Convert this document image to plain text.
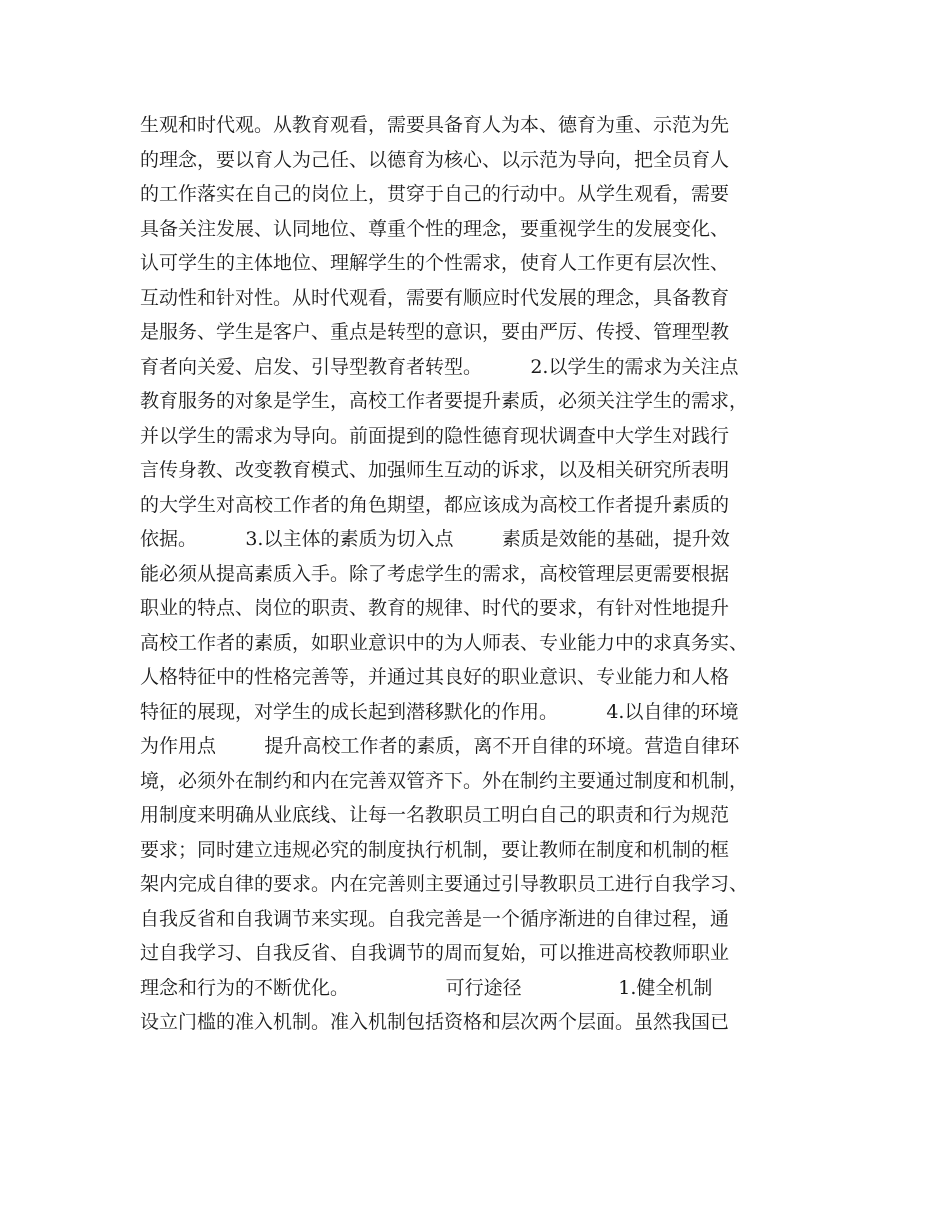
生观和时代观。从教育观看，需要具备育人为本、德育为重、示范为先
的理念，要以育人为己任、以德育为核心、以示范为导向，把全员育人
的工作落实在自己的岗位上，贯穿于自己的行动中。从学生观看，需要
具备关注发展、认同地位、尊重个性的理念，要重视学生的发展变化、
认可学生的主体地位、理解学生的个性需求，使育人工作更有层次性、
互动性和针对性。从时代观看，需要有顺应时代发展的理念，具备教育
是服务、学生是客户、重点是转型的意识，要由严厉、传授、管理型教
育者向关爱、启发、引导型教育者转型。        2.以学生的需求为关注点
教育服务的对象是学生，高校工作者要提升素质，必须关注学生的需求，
并以学生的需求为导向。前面提到的隐性德育现状调查中大学生对践行
言传身教、改变教育模式、加强师生互动的诉求，以及相关研究所表明
的大学生对高校工作者的角色期望，都应该成为高校工作者提升素质的
依据。        3.以主体的素质为切入点        素质是效能的基础，提升效
能必须从提高素质入手。除了考虑学生的需求，高校管理层更需要根据
职业的特点、岗位的职责、教育的规律、时代的要求，有针对性地提升
高校工作者的素质，如职业意识中的为人师表、专业能力中的求真务实、
人格特征中的性格完善等，并通过其良好的职业意识、专业能力和人格
特征的展现，对学生的成长起到潜移默化的作用。        4.以自律的环境
为作用点        提升高校工作者的素质，离不开自律的环境。营造自律环
境，必须外在制约和内在完善双管齐下。外在制约主要通过制度和机制，
用制度来明确从业底线、让每一名教职员工明白自己的职责和行为规范
要求；同时建立违规必究的制度执行机制，要让教师在制度和机制的框
架内完成自律的要求。内在完善则主要通过引导教职员工进行自我学习、
自我反省和自我调节来实现。自我完善是一个循序渐进的自律过程，通
过自我学习、自我反省、自我调节的周而复始，可以推进高校教师职业
理念和行为的不断优化。                可行途径                1.健全机制
设立门槛的准入机制。准入机制包括资格和层次两个层面。虽然我国已
